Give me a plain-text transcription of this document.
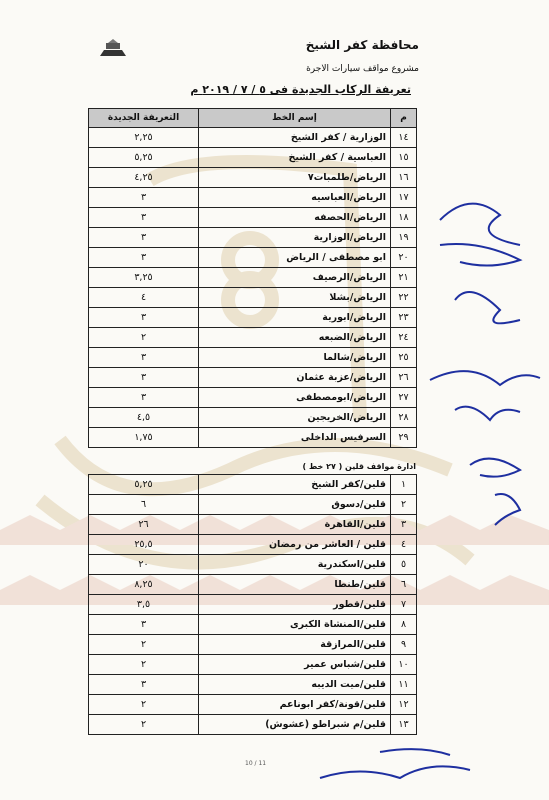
محافظة كفر الشيخ
مشروع مواقف سيارات الاجرة
تعريفة الركاب الجديدة فى ٥ / ٧ / ٢٠١٩ م
م	إسم الخط	التعريفة الجديدة
١٤	الوزارية / كفر الشيخ	٢,٢٥
١٥	العباسية / كفر الشيخ	٥,٢٥
١٦	الرياض/طلمبات٧	٤,٢٥
١٧	الرياض/العباسيه	٣
١٨	الرياض/الحصفه	٣
١٩	الرياض/الوزارية	٣
٢٠	ابو مصطفى / الرياض	٣
٢١	الرياض/الرصيف	٣,٢٥
٢٢	الرياض/بشلا	٤
٢٣	الرياض/ابورية	٣
٢٤	الرياض/الضبعه	٢
٢٥	الرياض/شالما	٣
٢٦	الرياض/عزبة عثمان	٣
٢٧	الرياض/ابومصطفى	٣
٢٨	الرياض/الخريجين	٤,٥
٢٩	السرفيس الداخلى	١,٧٥
ادارة مواقف قلين ( ٢٧ خط )
١	قلين/كفر الشيخ	٥,٢٥
٢	قلين/دسوق	٦
٣	قلين/القاهرة	٢٦
٤	قلين / العاشر من رمضان	٢٥,٥
٥	قلين/اسكندرية	٢٠
٦	قلين/طنطا	٨,٢٥
٧	قلين/قطور	٣,٥
٨	قلين/المنشاة الكبرى	٣
٩	قلين/المرازقة	٢
١٠	قلين/شباس عمير	٢
١١	قلين/ميت الديبه	٣
١٢	قلين/قونة/كفر ابوناعم	٢
١٣	قلين/م شبراطو (عشوش)	٢
10 / 11
